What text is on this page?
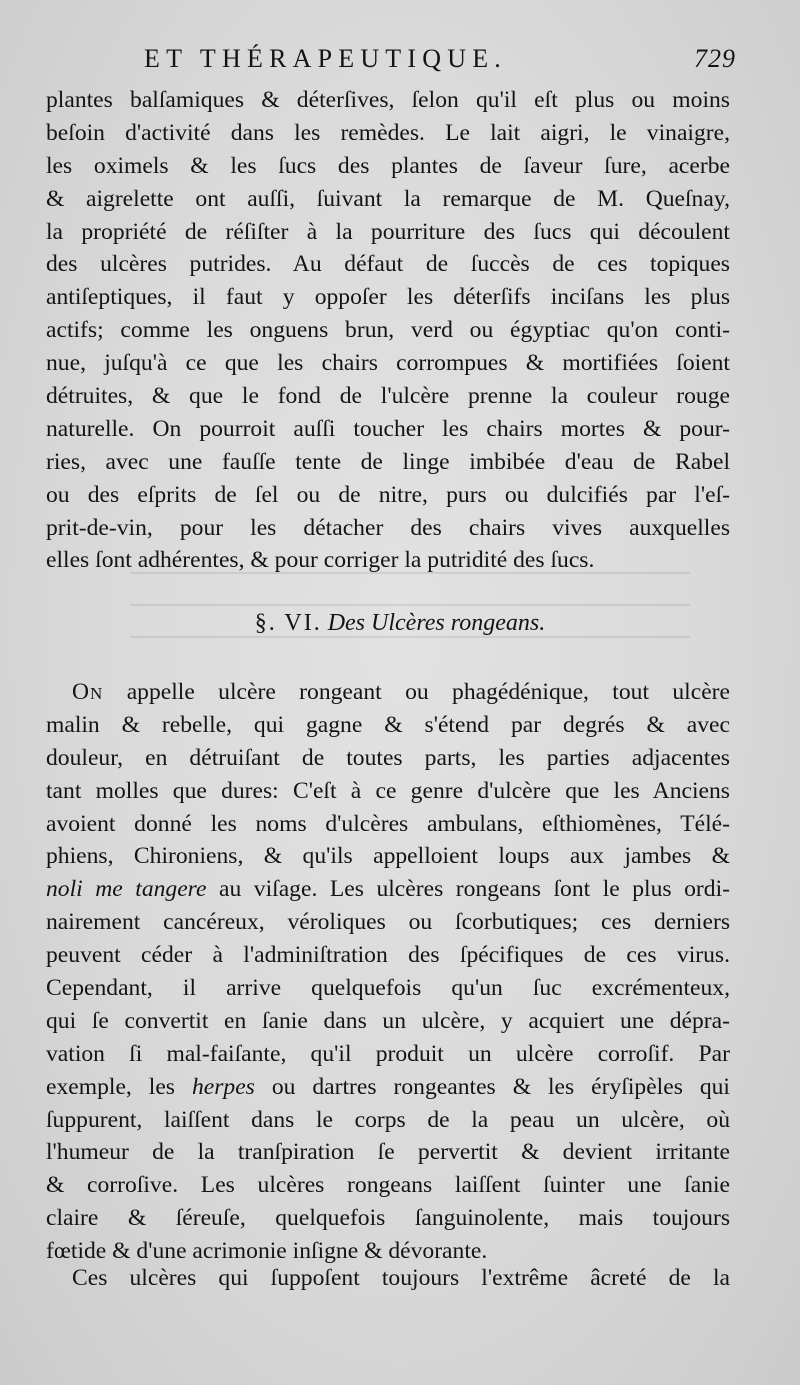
ET THÉRAPEUTIQUE.	729
plantes balſamiques & déterſives, ſelon qu'il eſt plus ou moins
beſoin d'activité dans les remèdes. Le lait aigri, le vinaigre,
les oximels & les ſucs des plantes de ſaveur ſure, acerbe
& aigrelette ont auſſi, ſuivant la remarque de M. Queſnay,
la propriété de réſiſter à la pourriture des ſucs qui découlent
des ulcères putrides. Au défaut de ſuccès de ces topiques
antiſeptiques, il faut y oppoſer les déterſifs inciſans les plus
actifs; comme les onguens brun, verd ou égyptiac qu'on conti-
nue, juſqu'à ce que les chairs corrompues & mortifiées ſoient
détruites, & que le fond de l'ulcère prenne la couleur rouge
naturelle. On pourroit auſſi toucher les chairs mortes & pour-
ries, avec une fauſſe tente de linge imbibée d'eau de Rabel
ou des eſprits de ſel ou de nitre, purs ou dulcifiés par l'eſ-
prit-de-vin, pour les détacher des chairs vives auxquelles
elles ſont adhérentes, & pour corriger la putridité des ſucs.
§. VI. Des Ulcères rongeans.
On appelle ulcère rongeant ou phagédénique, tout ulcère
malin & rebelle, qui gagne & s'étend par degrés & avec
douleur, en détruiſant de toutes parts, les parties adjacentes
tant molles que dures: C'eſt à ce genre d'ulcère que les Anciens
avoient donné les noms d'ulcères ambulans, eſthiomènes, Télé-
phiens, Chironiens, & qu'ils appelloient loups aux jambes &
noli me tangere au viſage. Les ulcères rongeans ſont le plus ordi-
nairement cancéreux, véroliques ou ſcorbutiques; ces derniers
peuvent céder à l'adminiſtration des ſpécifiques de ces virus.
Cependant, il arrive quelquefois qu'un ſuc excrémenteux,
qui ſe convertit en ſanie dans un ulcère, y acquiert une dépra-
vation ſi mal-faiſante, qu'il produit un ulcère corroſif. Par
exemple, les herpes ou dartres rongeantes & les éryſipèles qui
ſuppurent, laiſſent dans le corps de la peau un ulcère, où
l'humeur de la tranſpiration ſe pervertit & devient irritante
& corroſive. Les ulcères rongeans laiſſent ſuinter une ſanie
claire & ſéreuſe, quelquefois ſanguinolente, mais toujours
fœtide & d'une acrimonie inſigne & dévorante.
Ces ulcères qui ſuppoſent toujours l'extrême âcreté de la
